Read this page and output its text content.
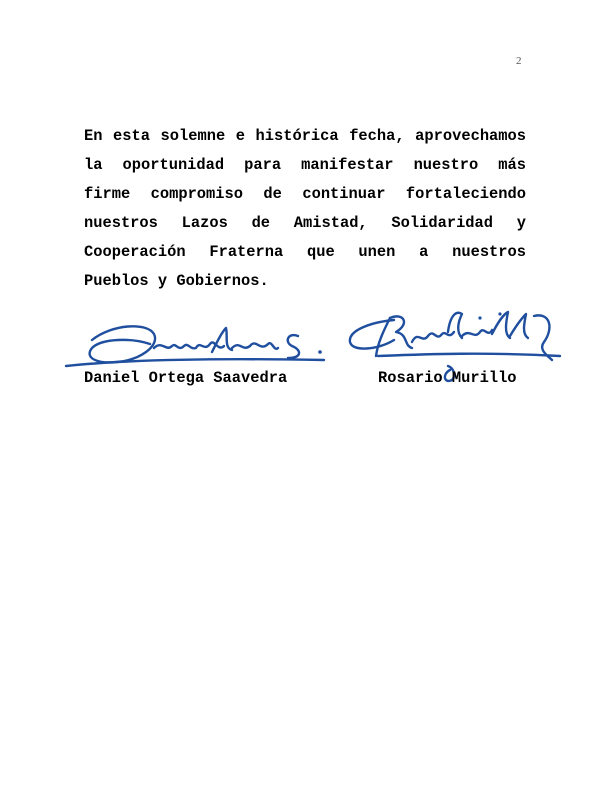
2

En esta solemne e histórica fecha, aprovechamos la oportunidad para manifestar nuestro más firme compromiso de continuar fortaleciendo nuestros Lazos de Amistad, Solidaridad y Cooperación Fraterna que unen a nuestros Pueblos y Gobiernos.

Daniel Ortega Saavedra	Rosario Murillo
